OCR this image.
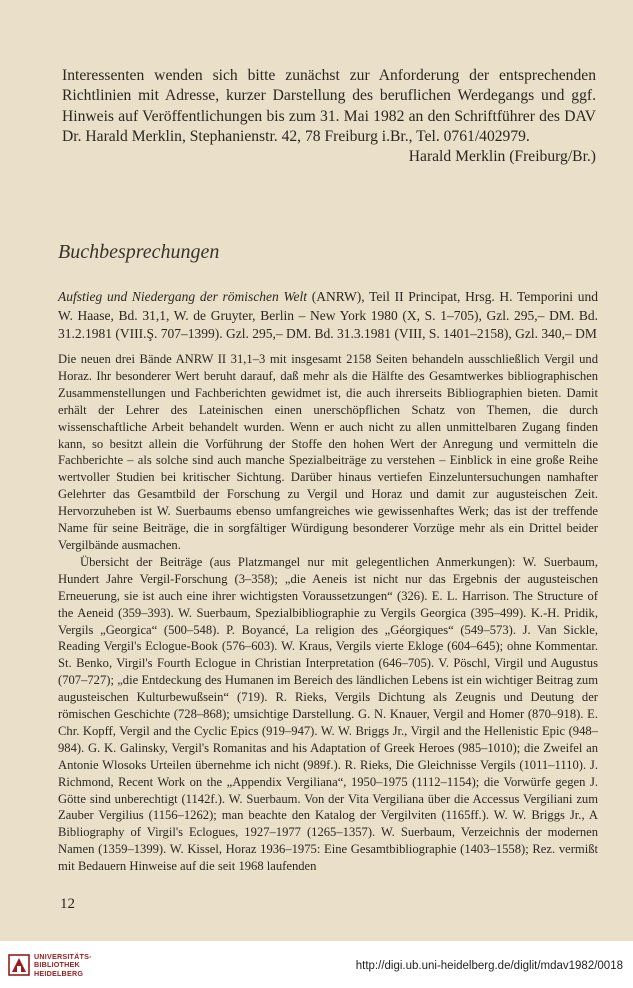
Interessenten wenden sich bitte zunächst zur Anforderung der entsprechenden Richtlinien mit Adresse, kurzer Darstellung des beruflichen Werdegangs und ggf. Hinweis auf Veröffentlichungen bis zum 31. Mai 1982 an den Schriftführer des DAV Dr. Harald Merklin, Stephanienstr. 42, 78 Freiburg i.Br., Tel. 0761/402979.

Harald Merklin (Freiburg/Br.)

Buchbesprechungen
Aufstieg und Niedergang der römischen Welt (ANRW), Teil II Principat, Hrsg. H. Temporini und W. Haase, Bd. 31,1, W. de Gruyter, Berlin – New York 1980 (X, S. 1–705), Gzl. 295,– DM. Bd. 31.2.1981 (VIII.Ş. 707–1399). Gzl. 295,– DM. Bd. 31.3.1981 (VIII, S. 1401–2158), Gzl. 340,– DM

Die neuen drei Bände ANRW II 31,1–3 mit insgesamt 2158 Seiten behandeln ausschließlich Vergil und Horaz. Ihr besonderer Wert beruht darauf, daß mehr als die Hälfte des Gesamtwerkes bibliographischen Zusammenstellungen und Fachberichten gewidmet ist, die auch ihrerseits Bibliographien bieten. Damit erhält der Lehrer des Lateinischen einen unerschöpflichen Schatz von Themen, die durch wissenschaftliche Arbeit behandelt wurden. Wenn er auch nicht zu allen unmittelbaren Zugang finden kann, so besitzt allein die Vorführung der Stoffe den hohen Wert der Anregung und vermitteln die Fachberichte – als solche sind auch manche Spezialbeiträge zu verstehen – Einblick in eine große Reihe wertvoller Studien bei kritischer Sichtung. Darüber hinaus vertiefen Einzeluntersuchungen namhafter Gelehrter das Gesamtbild der Forschung zu Vergil und Horaz und damit zur augusteischen Zeit. Hervorzuheben ist W. Suerbaums ebenso umfangreiches wie gewissenhaftes Werk; das ist der treffende Name für seine Beiträge, die in sorgfältiger Würdigung besonderer Vorzüge mehr als ein Drittel beider Vergilbände ausmachen.

Übersicht der Beiträge (aus Platzmangel nur mit gelegentlichen Anmerkungen): W. Suerbaum, Hundert Jahre Vergil-Forschung (3–358); „die Aeneis ist nicht nur das Ergebnis der augusteischen Erneuerung, sie ist auch eine ihrer wichtigsten Voraussetzungen“ (326). E. L. Harrison. The Structure of the Aeneid (359–393). W. Suerbaum, Spezialbibliographie zu Vergils Georgica (395–499). K.-H. Pridik, Vergils „Georgica“ (500–548). P. Boyancé, La religion des „Géorgiques“ (549–573). J. Van Sickle, Reading Vergil's Eclogue-Book (576–603). W. Kraus, Vergils vierte Ekloge (604–645); ohne Kommentar. St. Benko, Virgil's Fourth Eclogue in Christian Interpretation (646–705). V. Pöschl, Virgil und Augustus (707–727); „die Entdeckung des Humanen im Bereich des ländlichen Lebens ist ein wichtiger Beitrag zum augusteischen Kulturbewußsein“ (719). R. Rieks, Vergils Dichtung als Zeugnis und Deutung der römischen Geschichte (728–868); umsichtige Darstellung. G. N. Knauer, Vergil and Homer (870–918). E. Chr. Kopff, Vergil and the Cyclic Epics (919–947). W. W. Briggs Jr., Virgil and the Hellenistic Epic (948–984). G. K. Galinsky, Vergil's Romanitas and his Adaptation of Greek Heroes (985–1010); die Zweifel an Antonie Wlosoks Urteilen übernehme ich nicht (989f.). R. Rieks, Die Gleichnisse Vergils (1011–1110). J. Richmond, Recent Work on the „Appendix Vergiliana“, 1950–1975 (1112–1154); die Vorwürfe gegen J. Götte sind unberechtigt (1142f.). W. Suerbaum. Von der Vita Vergiliana über die Accessus Vergiliani zum Zauber Vergilius (1156–1262); man beachte den Katalog der Vergilviten (1165ff.). W. W. Briggs Jr., A Bibliography of Virgil's Eclogues, 1927–1977 (1265–1357). W. Suerbaum, Verzeichnis der modernen Namen (1359–1399). W. Kissel, Horaz 1936–1975: Eine Gesamtbibliographie (1403–1558); Rez. vermißt mit Bedauern Hinweise auf die seit 1968 laufenden

12
UNIVERSITÄTS-
BIBLIOTHEK
HEIDELBERG
http://digi.ub.uni-heidelberg.de/diglit/mdav1982/0018
